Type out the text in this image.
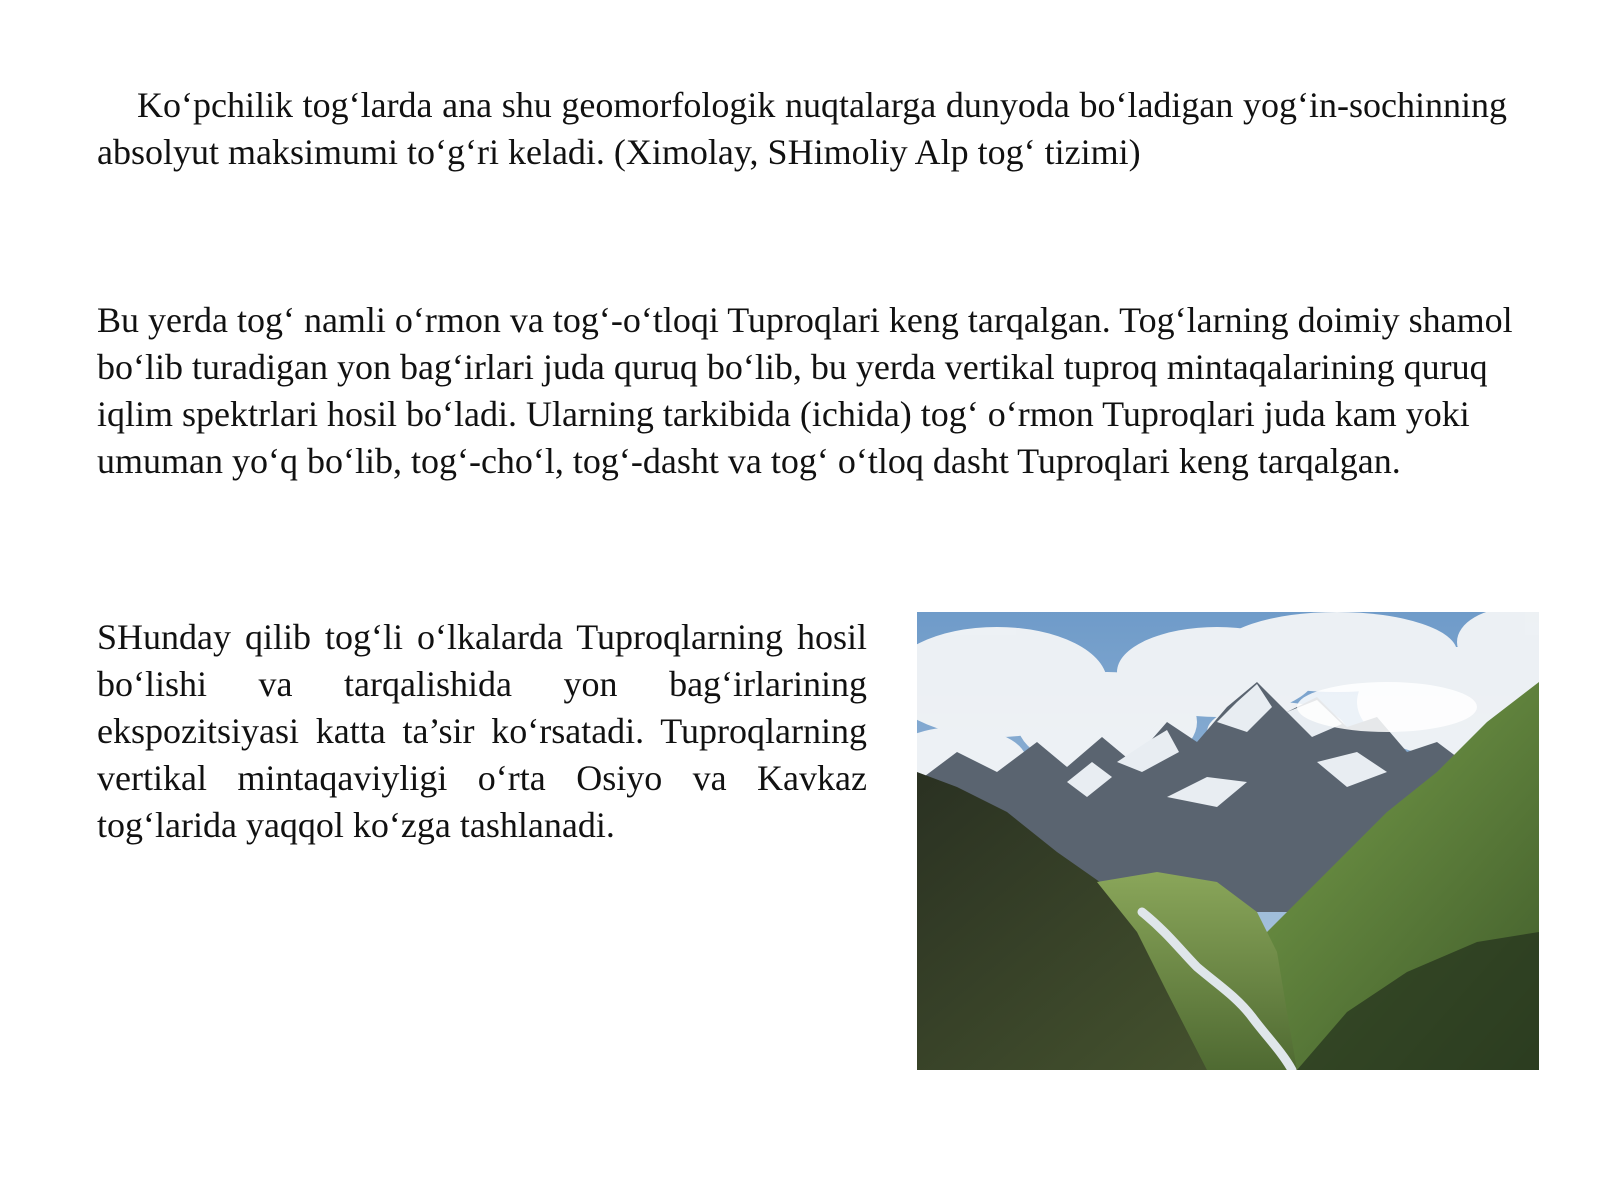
Ko‘pchilik tog‘larda ana shu geomorfologik nuqtalarga dunyoda bo‘ladigan yog‘in-sochinning absolyut maksimumi to‘g‘ri keladi. (Ximolay, SHimoliy Alp tog‘ tizimi)

Bu yerda tog‘ namli o‘rmon va tog‘-o‘tloqi Tuproqlari keng tarqalgan. Tog‘larning doimiy shamol bo‘lib turadigan yon bag‘irlari juda quruq bo‘lib, bu yerda vertikal tuproq mintaqalarining quruq iqlim spektrlari hosil bo‘ladi. Ularning tarkibida (ichida) tog‘ o‘rmon Tuproqlari juda kam yoki umuman yo‘q bo‘lib, tog‘-cho‘l, tog‘-dasht va tog‘ o‘tloq dasht Tuproqlari keng tarqalgan.

SHunday qilib tog‘li o‘lkalarda Tuproqlarning hosil bo‘lishi va tarqalishida yon bag‘irlarining ekspozitsiyasi katta ta’sir ko‘rsatadi. Tuproqlarning vertikal mintaqaviyligi o‘rta Osiyo va Kavkaz tog‘larida yaqqol ko‘zga tashlanadi.
